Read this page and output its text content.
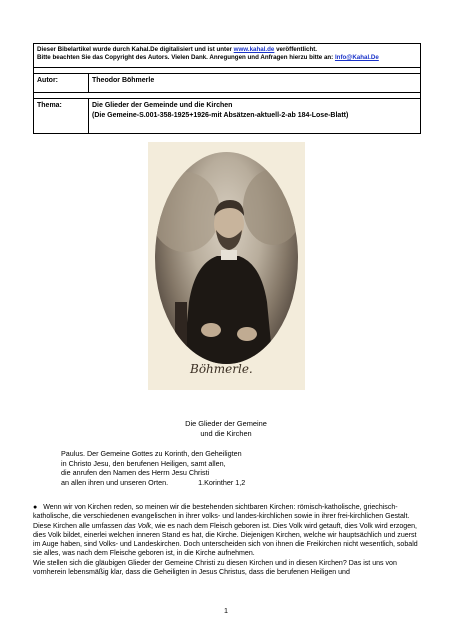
Dieser Bibelartikel wurde durch Kahal.De digitalisiert und ist unter www.kahal.de veröffentlicht.
Bitte beachten Sie das Copyright des Autors. Vielen Dank. Anregungen und Anfragen hierzu bitte an: Info@Kahal.De	

Autor:	Theodor Böhmerle

Thema:	Die Glieder der Gemeinde und die Kirchen
(Die Gemeine-S.001-358-1925+1926-mit Absätzen-aktuell-2-ab 184-Lose-Blatt)
Böhmerle.
Die Glieder der Gemeine
und die Kirchen
Paulus. Der Gemeine Gottes zu Korinth, den Geheiligten
in Christo Jesu, den berufenen Heiligen, samt allen,
die anrufen den Namen des Herrn Jesu Christi
an allen ihren und unseren Orten.	1.Korinther 1,2
● Wenn wir von Kirchen reden, so meinen wir die bestehenden sichtbaren Kirchen: römisch-katholische, griechisch-katholische, die verschiedenen evangelischen in ihrer volks- und landes-kirchlichen sowie in ihrer frei-kirchlichen Gestalt. Diese Kirchen alle umfassen das Volk, wie es nach dem Fleisch geboren ist. Dies Volk wird getauft, dies Volk wird erzogen, dies Volk bildet, einerlei welchen inneren Stand es hat, die Kirche. Diejenigen Kirchen, welche wir hauptsächlich und zuerst im Auge haben, sind Volks- und Landeskirchen. Doch unterscheiden sich von ihnen die Freikirchen nicht wesentlich, sobald sie alles, was nach dem Fleische geboren ist, in die Kirche aufnehmen.
Wie stellen sich die gläubigen Glieder der Gemeine Christi zu diesen Kirchen und in diesen Kirchen? Das ist uns von vornherein lebensmäßig klar, dass die Geheiligten in Jesus Christus, dass die berufenen Heiligen und
1
